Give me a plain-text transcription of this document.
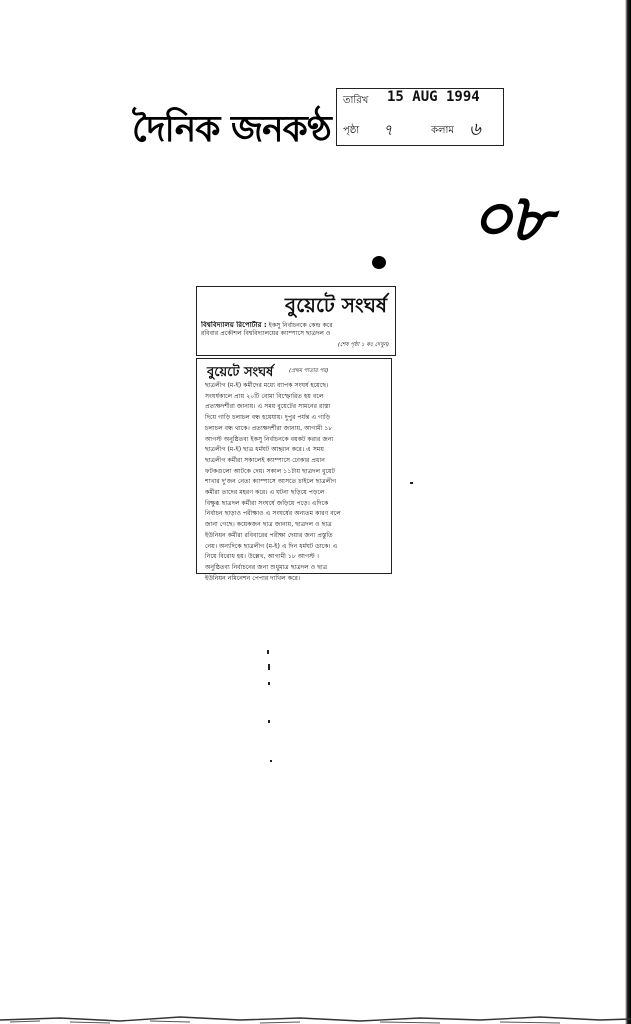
দৈনিক জনকণ্ঠ
তারিখ 15 AUG 1994
পৃষ্ঠা ৭	কলাম ৬
০৮
বুয়েটে সংঘর্ষ
বিশ্ববিদ্যালয় রিপোর্টার : ইকসু নির্বাচনকে কেন্দ্র করে
রবিবার প্রকৌশল বিশ্ববিদ্যালয়ের ক্যাম্পাসে ছাত্রদল ও
(শেষ পৃষ্ঠা ১ কঃ দেখুন)
বুয়েটে সংঘর্ষ	(প্রথম পাতার পর)
ছাত্রলীগ (ম-ই) কর্মীদের মধ্যে ব্যাপক সংঘর্ষ হয়েছে।
সংঘর্ষকালে প্রায় ২০টি বোমা বিস্ফোরিত হয় বলে
প্রত্যক্ষদর্শীরা জানায়। এ সময় বুয়েটের সামনের রাস্তা
দিয়ে গাড়ি চলাচল বন্ধ হয়েযায়। দুপুর পর্যন্ত এ গাড়ি
চলাচল বন্ধ থাকে। প্রত্যক্ষদর্শীরা জানায়, আগামী ১৮
আগস্ট অনুষ্ঠিতব্য ইকসু নির্বাচনকে বয়কট করার জন্য
ছাত্রলীগ (ম-ই) ছাত্র ধর্মঘট আহ্বান করে। এ সময়
ছাত্রলীগ কর্মীরা সকালেই ক্যাম্পাসে ঢোকার প্রধান
ফটকগুলো আটকে দেয়। সকাল ১১টায় ছাত্রদল বুয়েট
শাখার দু'জন নেতা ক্যাম্পাসে আসতে চাইলে ছাত্রলীগ
কর্মীরা তাদের মহরণ করে। এ ঘটনা ছড়িয়ে পড়লে
বিক্ষুব্ধ ছাত্রদল কর্মীরা সংঘর্ষে জড়িয়ে পড়ে। এদিকে
নির্বাচন ছাড়াও পরীক্ষাও এ সংঘর্ষের অন্যতম কারণ বলে
জানা গেছে। কয়েকজন ছাত্র জানায়, ছাত্রদল ও ছাত্র
ইউনিয়ন কর্মীরা রবিবারের পরীক্ষা দেয়ার জন্য প্রস্তুতি
নেয়। অন্যদিকে ছাত্রলীগ (ম-ই) এ দিন ধর্মঘট ডাকে। এ
নিয়ে বিরোধ হয়। উল্লেখ, আগামী ১৮ আগস্ট ।
অনুষ্ঠিতব্য নির্বাচনের জন্য শুধুমাত্র ছাত্রদল ও ছাত্র
ইউনিয়ন নমিনেশন পেপার দাখিল করে।
